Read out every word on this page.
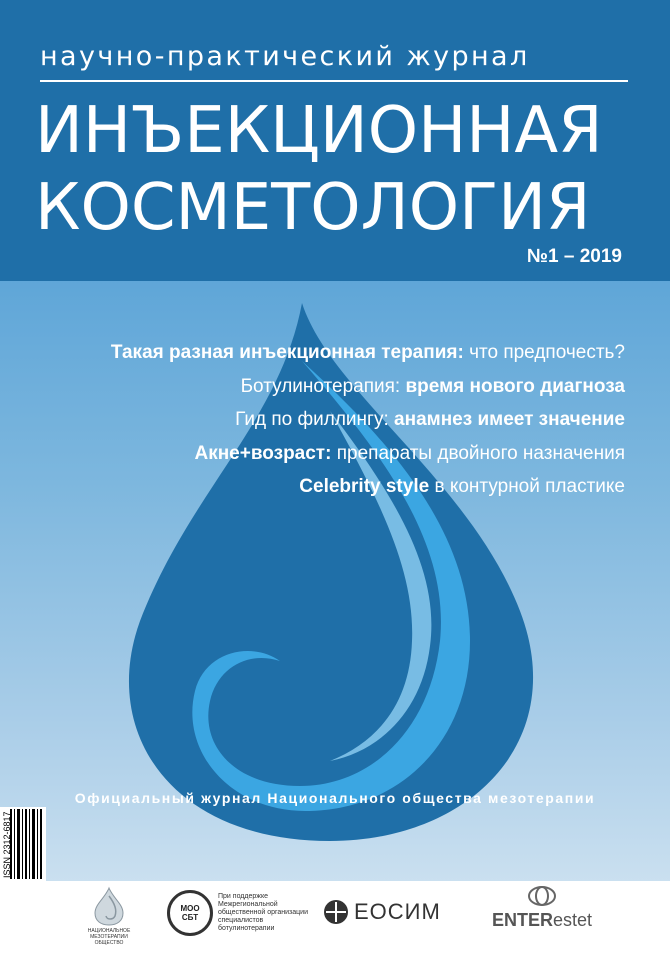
научно-практический журнал
ИНЪЕКЦИОННАЯ
КОСМЕТОЛОГИЯ
№1 – 2019
Такая разная инъекционная терапия: что предпочесть?
Ботулинотерапия: время нового диагноза
Гид по филлингу: анамнез имеет значение
Акне+возраст: препараты двойного назначения
Celebrity style в контурной пластике
Официальный журнал Национального общества мезотерапии
ISSN 2312-6817
НАЦИОНАЛЬНОЕ МЕЗОТЕРАПИИ ОБЩЕСТВО
МОО
СБТ
При поддержке Межрегиональной общественной организации специалистов ботулинотерапии
ЕОСИМ	ENTERestet
